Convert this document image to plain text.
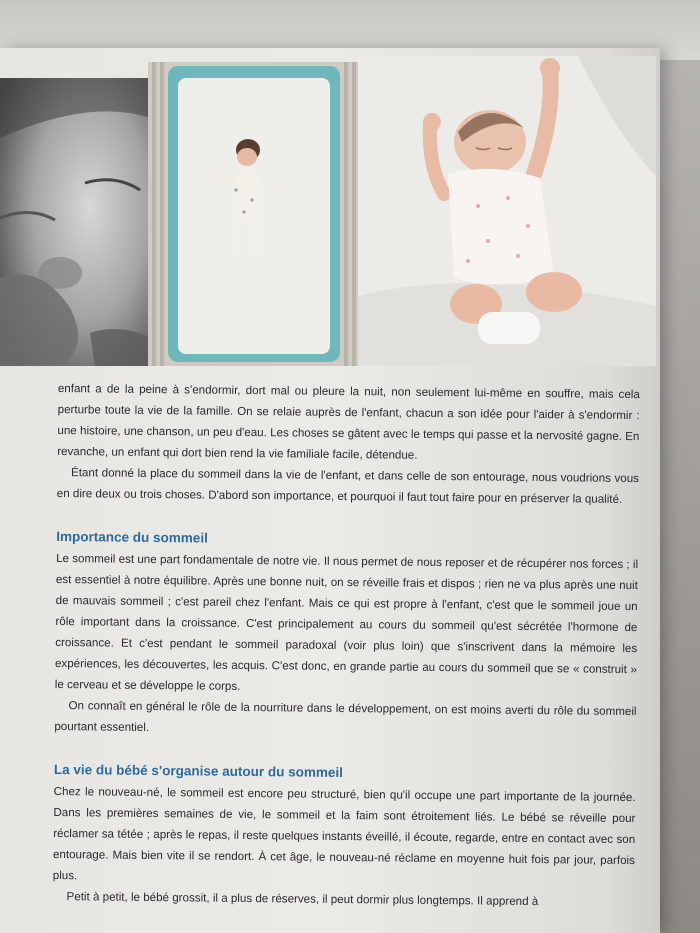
enfant a de la peine à s'endormir, dort mal ou pleure la nuit, non seulement lui-même en souffre, mais cela perturbe toute la vie de la famille. On se relaie auprès de l'enfant, chacun a son idée pour l'aider à s'endormir : une histoire, une chanson, un peu d'eau. Les choses se gâtent avec le temps qui passe et la nervosité gagne. En revanche, un enfant qui dort bien rend la vie familiale facile, détendue.

Étant donné la place du sommeil dans la vie de l'enfant, et dans celle de son entourage, nous voudrions vous en dire deux ou trois choses. D'abord son importance, et pourquoi il faut tout faire pour en préserver la qualité.

Importance du sommeil

Le sommeil est une part fondamentale de notre vie. Il nous permet de nous reposer et de récupérer nos forces ; il est essentiel à notre équilibre. Après une bonne nuit, on se réveille frais et dispos ; rien ne va plus après une nuit de mauvais sommeil ; c'est pareil chez l'enfant. Mais ce qui est propre à l'enfant, c'est que le sommeil joue un rôle important dans la croissance. C'est principalement au cours du sommeil qu'est sécrétée l'hormone de croissance. Et c'est pendant le sommeil paradoxal (voir plus loin) que s'inscrivent dans la mémoire les expériences, les découvertes, les acquis. C'est donc, en grande partie au cours du sommeil que se « construit » le cerveau et se développe le corps.

On connaît en général le rôle de la nourriture dans le développement, on est moins averti du rôle du sommeil pourtant essentiel.

La vie du bébé s'organise autour du sommeil

Chez le nouveau-né, le sommeil est encore peu structuré, bien qu'il occupe une part importante de la journée. Dans les premières semaines de vie, le sommeil et la faim sont étroitement liés. Le bébé se réveille pour réclamer sa tétée ; après le repas, il reste quelques instants éveillé, il écoute, regarde, entre en contact avec son entourage. Mais bien vite il se rendort. À cet âge, le nouveau-né réclame en moyenne huit fois par jour, parfois plus.

Petit à petit, le bébé grossit, il a plus de réserves, il peut dormir plus longtemps. Il apprend à
